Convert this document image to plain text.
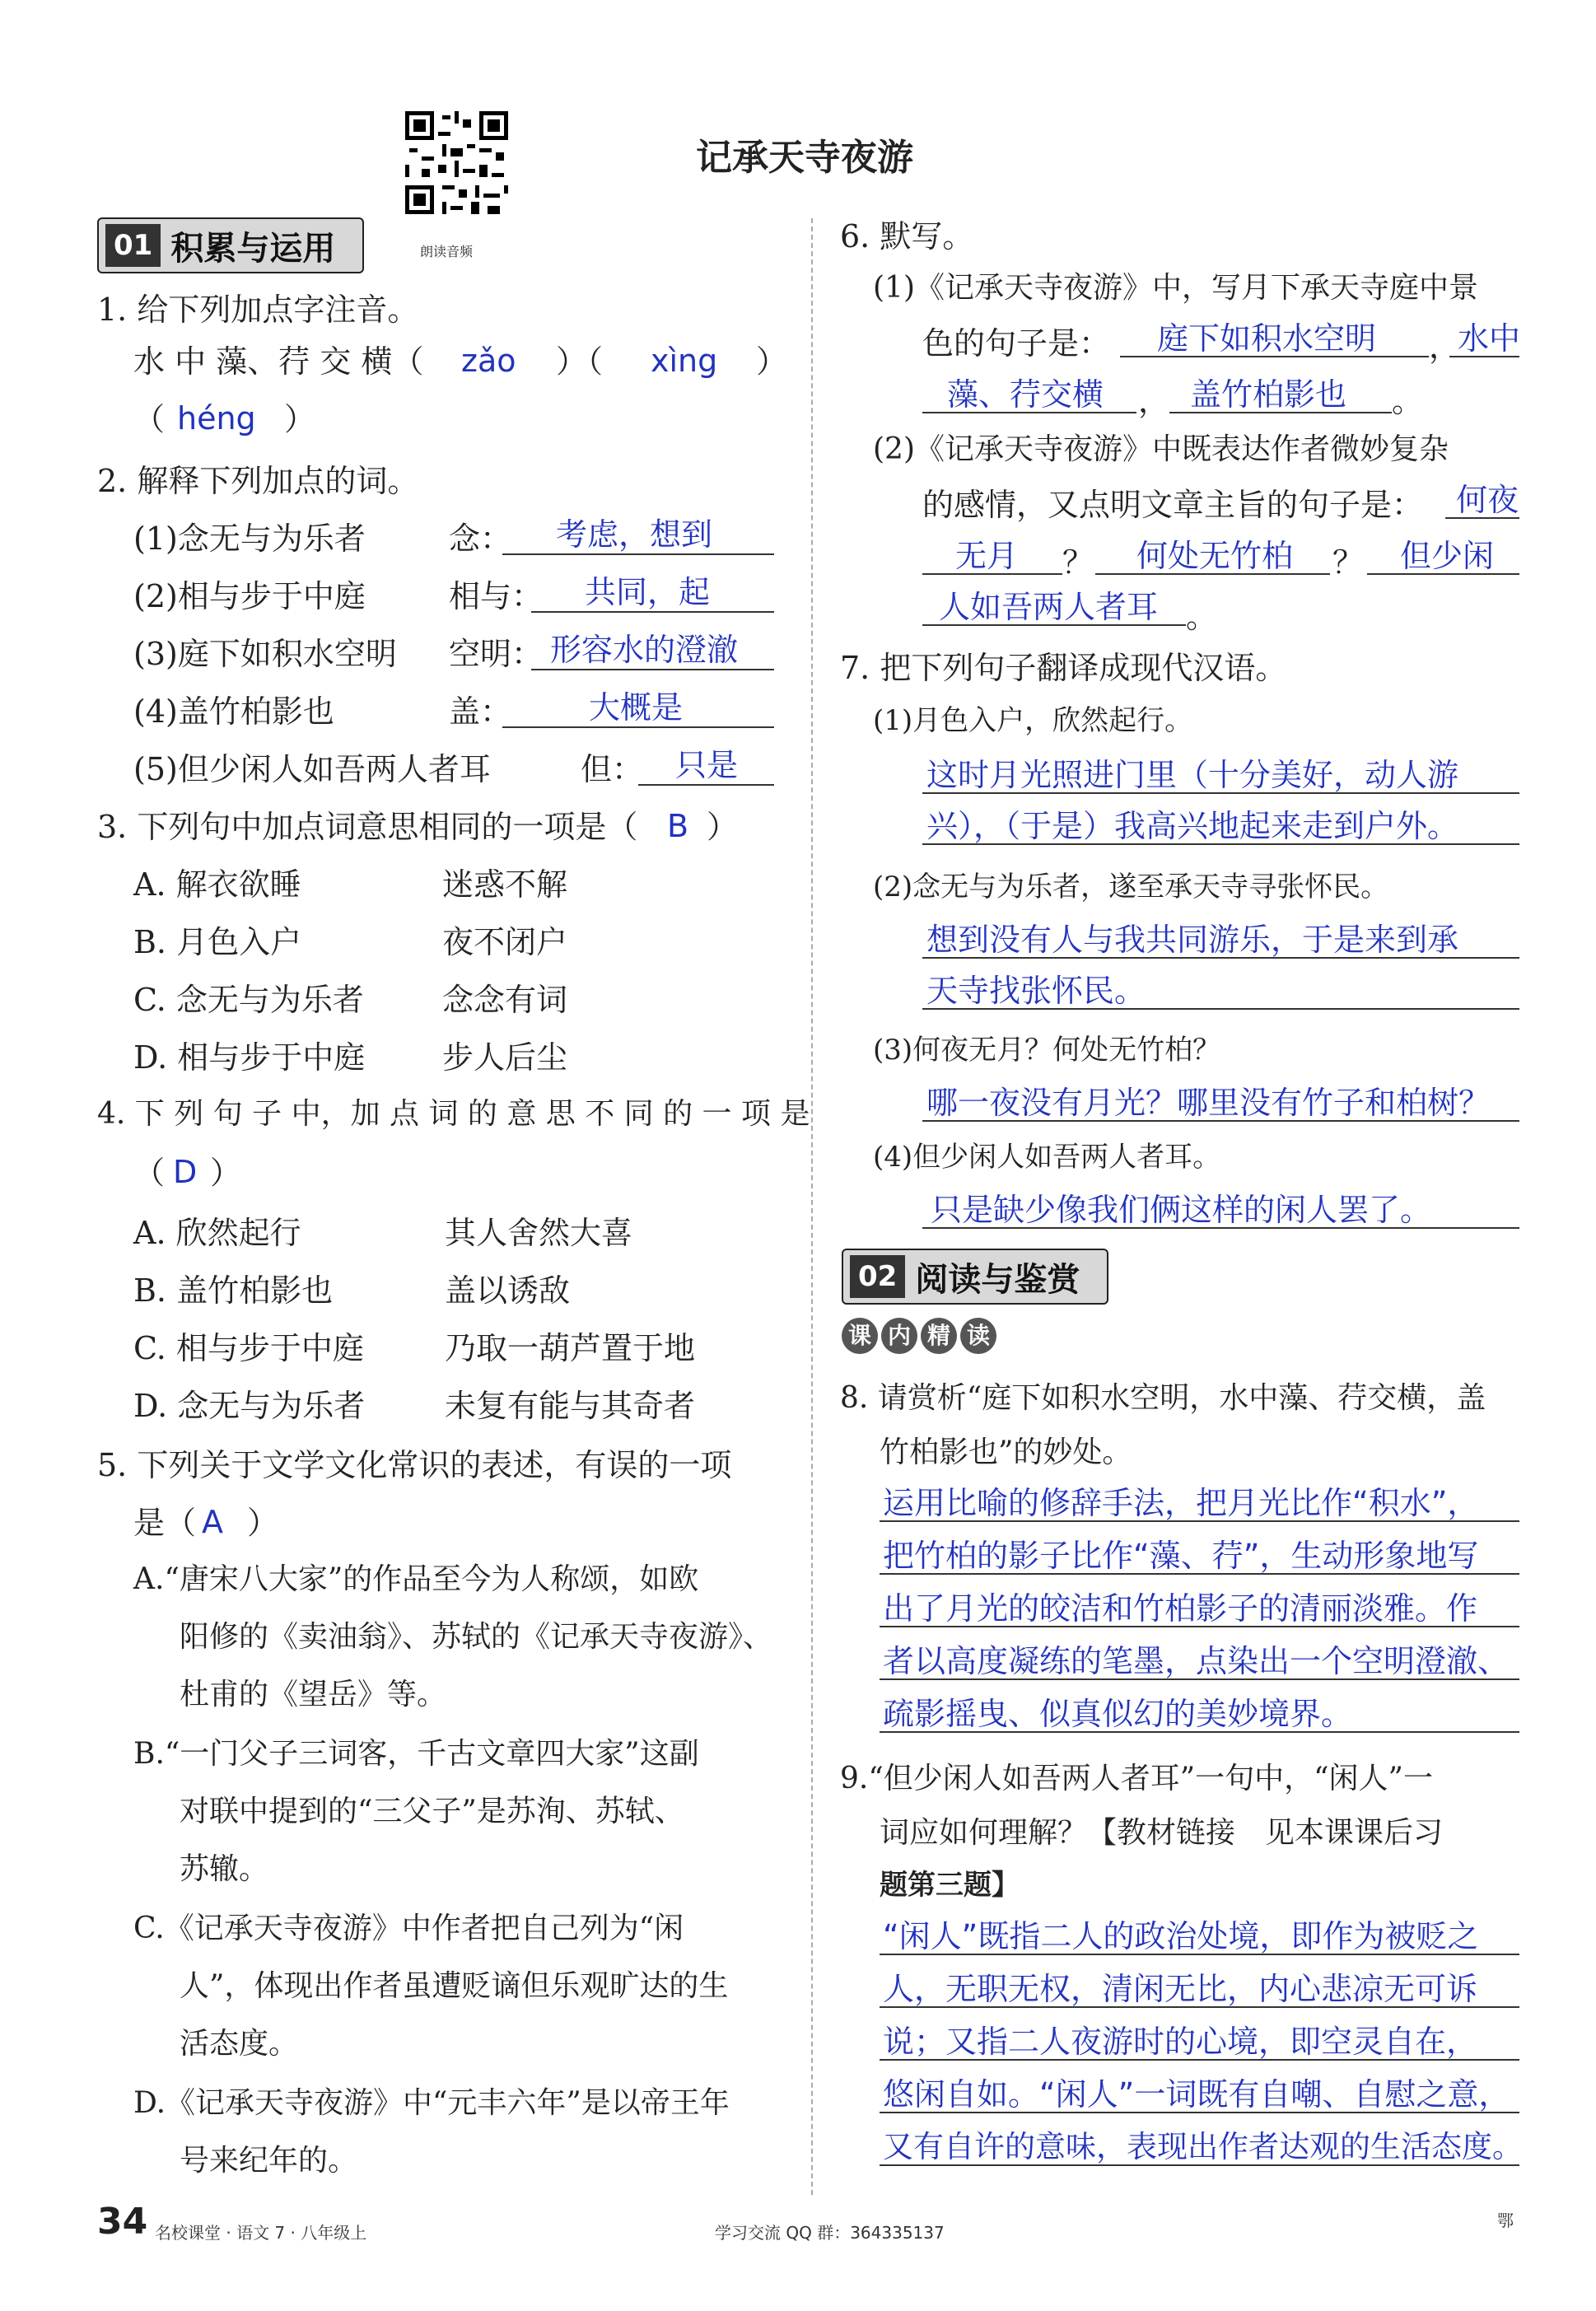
记承天寺夜游
01 积累与运用	朗读音频
1. 给下列加点字注音。
水 中 藻、荇 交 横（ zǎo ）（ xìng ）
（ héng ）
2. 解释下列加点的词。
(1)念无与为乐者	念： 考虑，想到
(2)相与步于中庭	相与： 共同，起
(3)庭下如积水空明 空明： 形容水的澄澈
(4)盖竹柏影也	盖： 大概是
(5)但少闲人如吾两人者耳	但： 只是
3. 下列句中加点词意思相同的一项是（ B ）
A. 解衣欲睡	迷惑不解
B. 月色入户	夜不闭户
C. 念无与为乐者	念念有词
D. 相与步于中庭 步人后尘
4. 下 列 句 子 中，加 点 词 的 意 思 不 同 的 一 项 是
（ D ）
A. 欣然起行	其人舍然大喜
B. 盖竹柏影也	盖以诱敌
C. 相与步于中庭	乃取一葫芦置于地
D. 念无与为乐者	未复有能与其奇者
5. 下列关于文学文化常识的表述，有误的一项
是（ A ）
A.“唐宋八大家”的作品至今为人称颂，如欧
阳修的《卖油翁》、苏轼的《记承天寺夜游》、
杜甫的《望岳》等。
B.“一门父子三词客，千古文章四大家”这副
对联中提到的“三父子”是苏洵、苏轼、
苏辙。
C.《记承天寺夜游》中作者把自己列为“闲
人”，体现出作者虽遭贬谪但乐观旷达的生
活态度。
D.《记承天寺夜游》中“元丰六年”是以帝王年
号来纪年的。
6. 默写。
(1)《记承天寺夜游》中，写月下承天寺庭中景
色的句子是： 庭下如积水空明 ，
水中
藻、荇交横 ， 盖竹柏影也 。
(2)《记承天寺夜游》中既表达作者微妙复杂
的感情，又点明文章主旨的句子是： 何夜
无月 ？ 何处无竹柏 ？ 但少闲
人如吾两人者耳 。
7. 把下列句子翻译成现代汉语。
(1)月色入户，欣然起行。
这时月光照进门里（十分美好，动人游
兴），（于是）我高兴地起来走到户外。
(2)念无与为乐者，遂至承天寺寻张怀民。
想到没有人与我共同游乐，于是来到承
天寺找张怀民。
(3)何夜无月？何处无竹柏？
哪一夜没有月光？哪里没有竹子和柏树？
(4)但少闲人如吾两人者耳。
只是缺少像我们俩这样的闲人罢了。
02 阅读与鉴赏
课 内 精 读
8. 请赏析“庭下如积水空明，水中藻、荇交横，盖
竹柏影也”的妙处。
运用比喻的修辞手法，把月光比作“积水”，
把竹柏的影子比作“藻、荇”，生动形象地写
出了月光的皎洁和竹柏影子的清丽淡雅。作
者以高度凝练的笔墨，点染出一个空明澄澈、
疏影摇曳、似真似幻的美妙境界。
9.“但少闲人如吾两人者耳”一句中，“闲人”一
词应如何理解？【教材链接　见本课课后习
题第三题】
“闲人”既指二人的政治处境，即作为被贬之
人，无职无权，清闲无比，内心悲凉无可诉
说；又指二人夜游时的心境，即空灵自在，
悠闲自如。“闲人”一词既有自嘲、自慰之意，
又有自许的意味，表现出作者达观的生活态度。
34 名校课堂 · 语文 7 · 八年级上	学习交流 QQ 群：364335137
鄂
